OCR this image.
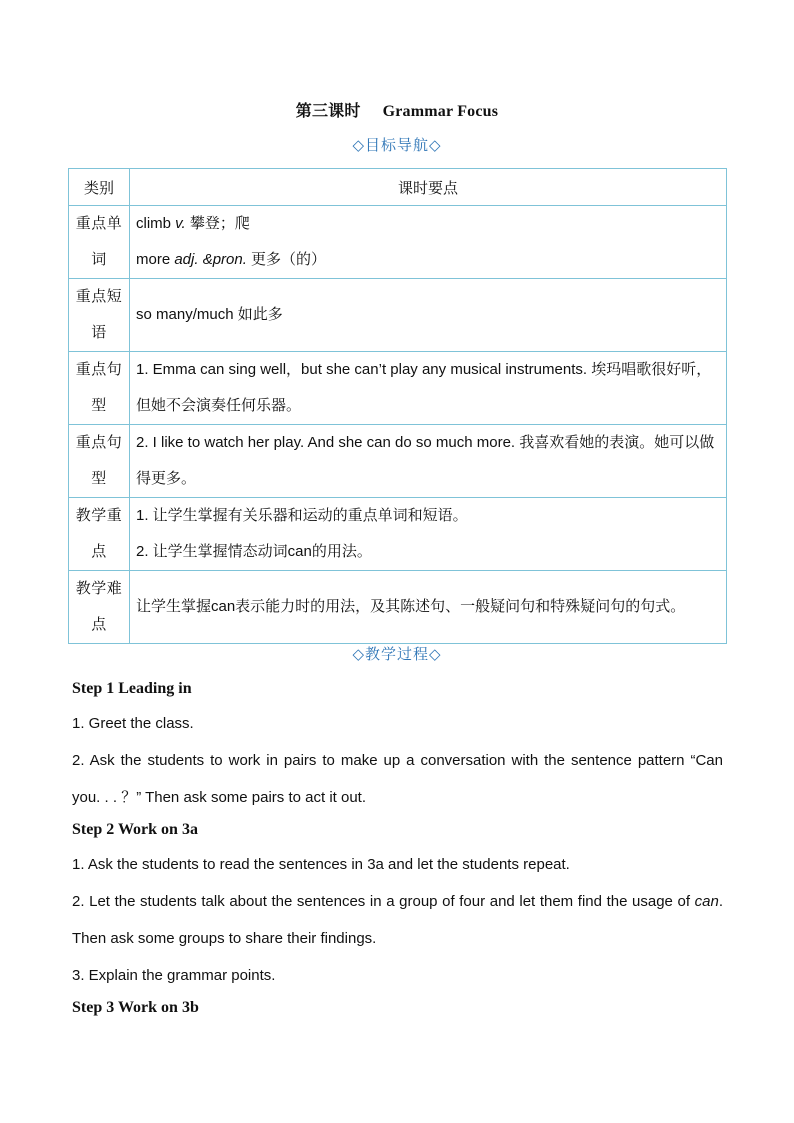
第三课时 Grammar Focus
◇目标导航◇
类别	课时要点
重点单词	climb v. 攀登；爬
more adj. &pron. 更多（的）

重点短语	so many/much 如此多
重点句型	1. Emma can sing well，but she can’t play any musical instruments. 埃玛唱歌很好听，但她不会演奏任何乐器。
重点句型	2. I like to watch her play. And she can do so much more. 我喜欢看她的表演。她可以做得更多。
教学重点	1. 让学生掌握有关乐器和运动的重点单词和短语。
2. 让学生掌握情态动词can的用法。

教学难点	让学生掌握can表示能力时的用法，及其陈述句、一般疑问句和特殊疑问句的句式。
◇教学过程◇
Step 1 Leading in
1. Greet the class.
2. Ask the students to work in pairs to make up a conversation with the sentence pattern “Can you. . . ？” Then ask some pairs to act it out.
Step 2 Work on 3a
1. Ask the students to read the sentences in 3a and let the students repeat.
2. Let the students talk about the sentences in a group of four and let them find the usage of can. Then ask some groups to share their findings.
3. Explain the grammar points.
Step 3 Work on 3b
